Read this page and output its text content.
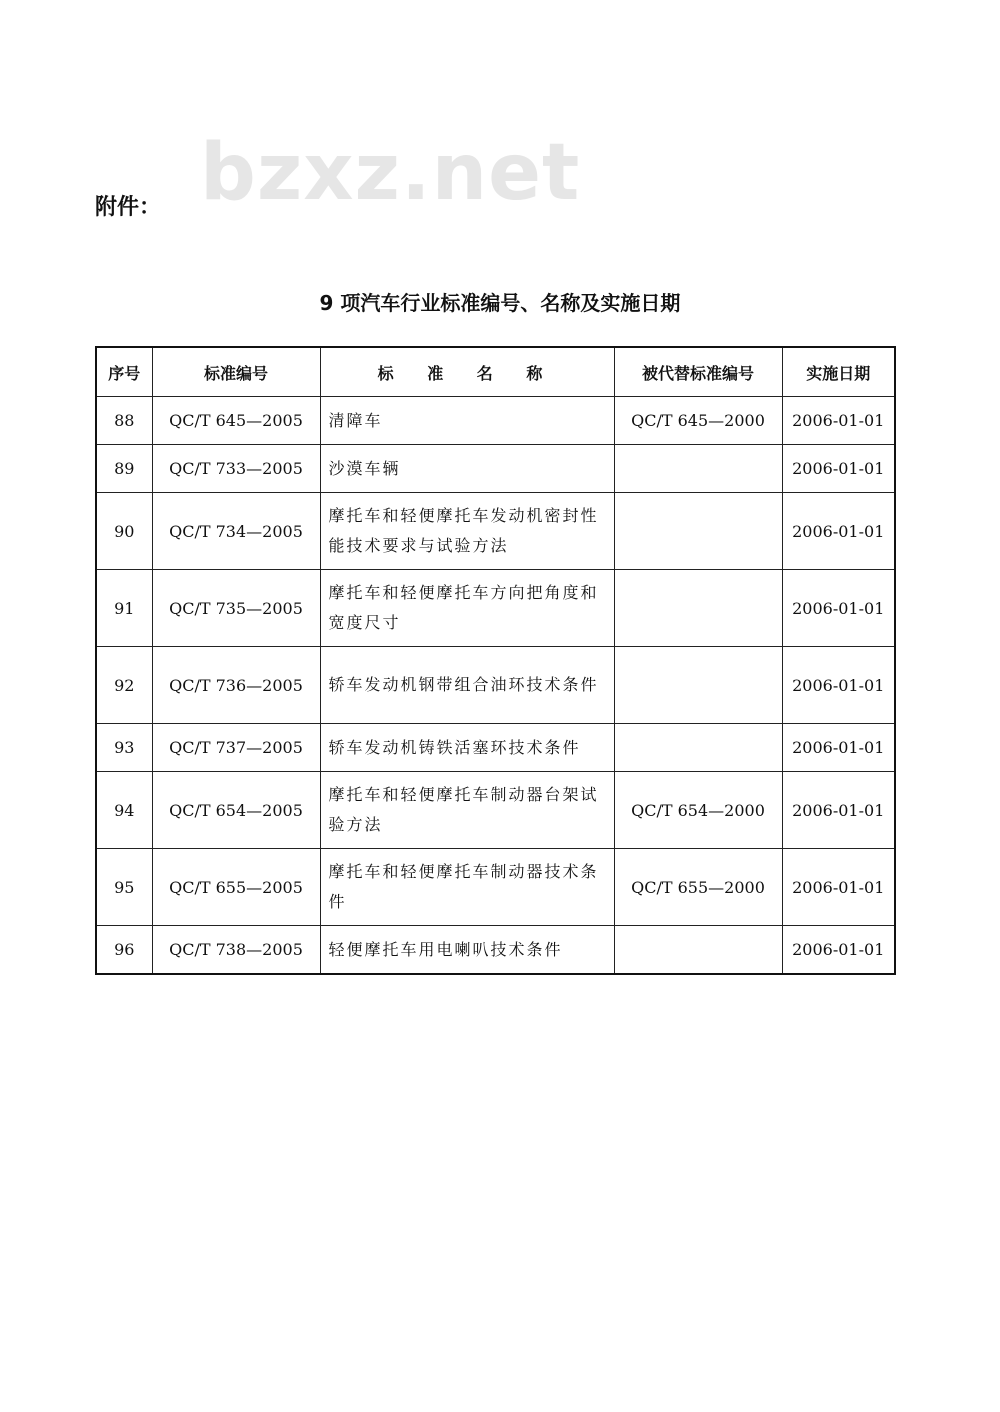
bzxz.net
附件：
9 项汽车行业标准编号、名称及实施日期
序号	标准编号	标 准 名 称	被代替标准编号	实施日期
88	QC/T 645—2005	清障车	QC/T 645—2000	2006-01-01
89	QC/T 733—2005	沙漠车辆		2006-01-01
90	QC/T 734—2005	摩托车和轻便摩托车发动机密封性能技术要求与试验方法		2006-01-01
91	QC/T 735—2005	摩托车和轻便摩托车方向把角度和宽度尺寸		2006-01-01
92	QC/T 736—2005	轿车发动机钢带组合油环技术条件		2006-01-01
93	QC/T 737—2005	轿车发动机铸铁活塞环技术条件		2006-01-01
94	QC/T 654—2005	摩托车和轻便摩托车制动器台架试验方法	QC/T 654—2000	2006-01-01
95	QC/T 655—2005	摩托车和轻便摩托车制动器技术条件	QC/T 655—2000	2006-01-01
96	QC/T 738—2005	轻便摩托车用电喇叭技术条件		2006-01-01
